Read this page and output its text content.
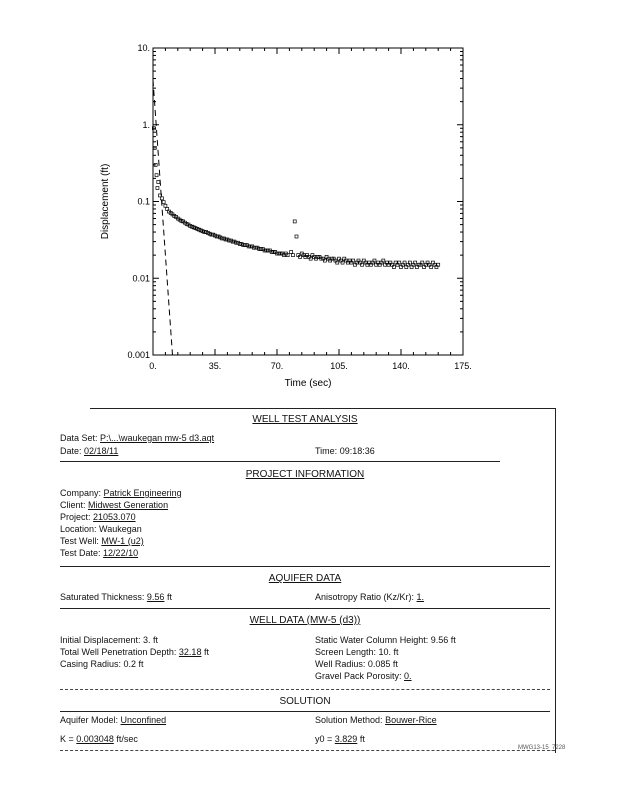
0.001
0.01
0.1
1.
10.
0.	35.	70.	105.	140.	175.
Time (sec)
Displacement (ft)
WELL TEST ANALYSIS
Data Set: P:\...\waukegan mw-5 d3.aqt
Date: 02/18/11	Time: 09:18:36
PROJECT INFORMATION
Company: Patrick Engineering
Client: Midwest Generation
Project: 21053.070
Location: Waukegan
Test Well: MW-1 (u2)
Test Date: 12/22/10
AQUIFER DATA
Saturated Thickness: 9.56 ft	Anisotropy Ratio (Kz/Kr): 1.
WELL DATA (MW-5 (d3))
Initial Displacement: 3. ft
Total Well Penetration Depth: 32.18 ft
Casing Radius: 0.2 ft
Static Water Column Height: 9.56 ft
Screen Length: 10. ft
Well Radius: 0.085 ft
Gravel Pack Porosity: 0.
SOLUTION
Aquifer Model: Unconfined	Solution Method: Bouwer-Rice
K = 0.003048 ft/sec	y0 = 3.829 ft
MWG13-15_7228
